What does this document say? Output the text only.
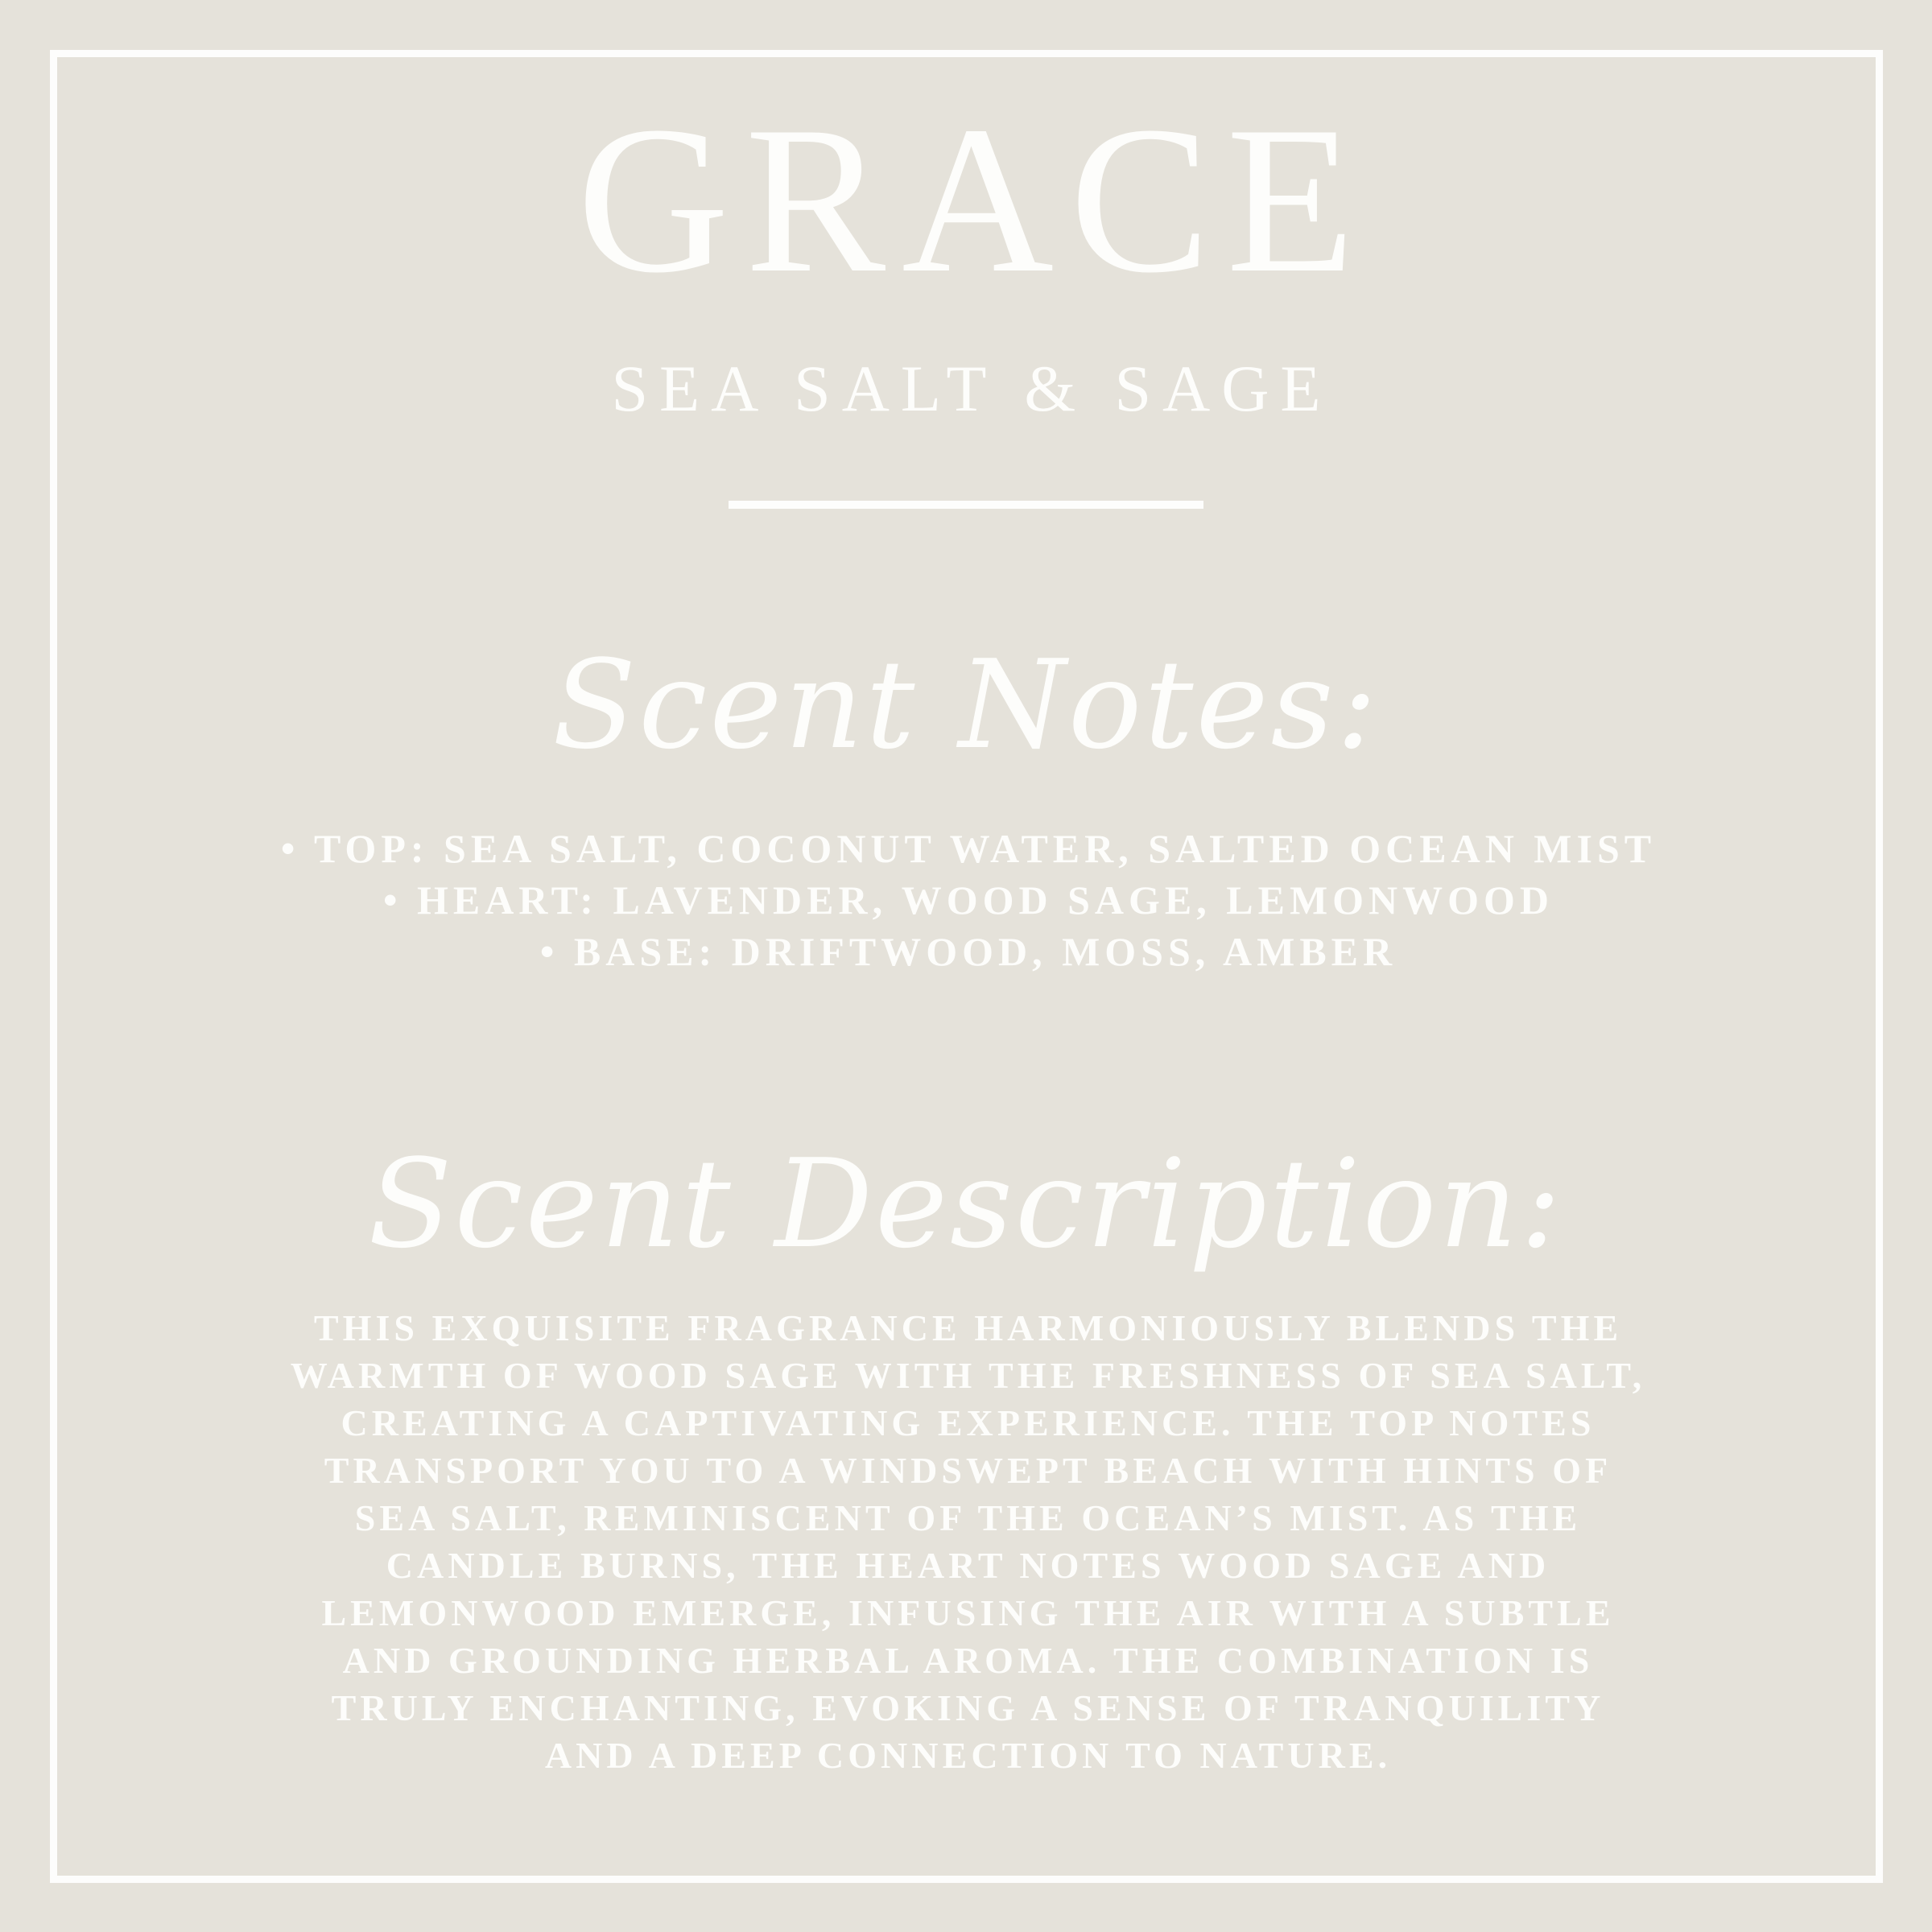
GRACE
SEA SALT & SAGE
Scent Notes:
• TOP: SEA SALT, COCONUT WATER, SALTED OCEAN MIST
• HEART: LAVENDER, WOOD SAGE, LEMONWOOD
• BASE: DRIFTWOOD, MOSS, AMBER
Scent Description:
THIS EXQUISITE FRAGRANCE HARMONIOUSLY BLENDS THE
WARMTH OF WOOD SAGE WITH THE FRESHNESS OF SEA SALT,
CREATING A CAPTIVATING EXPERIENCE. THE TOP NOTES
TRANSPORT YOU TO A WINDSWEPT BEACH WITH HINTS OF
SEA SALT, REMINISCENT OF THE OCEAN’S MIST. AS THE
CANDLE BURNS, THE HEART NOTES WOOD SAGE AND
LEMONWOOD EMERGE, INFUSING THE AIR WITH A SUBTLE
AND GROUNDING HERBAL AROMA. THE COMBINATION IS
TRULY ENCHANTING, EVOKING A SENSE OF TRANQUILITY
AND A DEEP CONNECTION TO NATURE.
